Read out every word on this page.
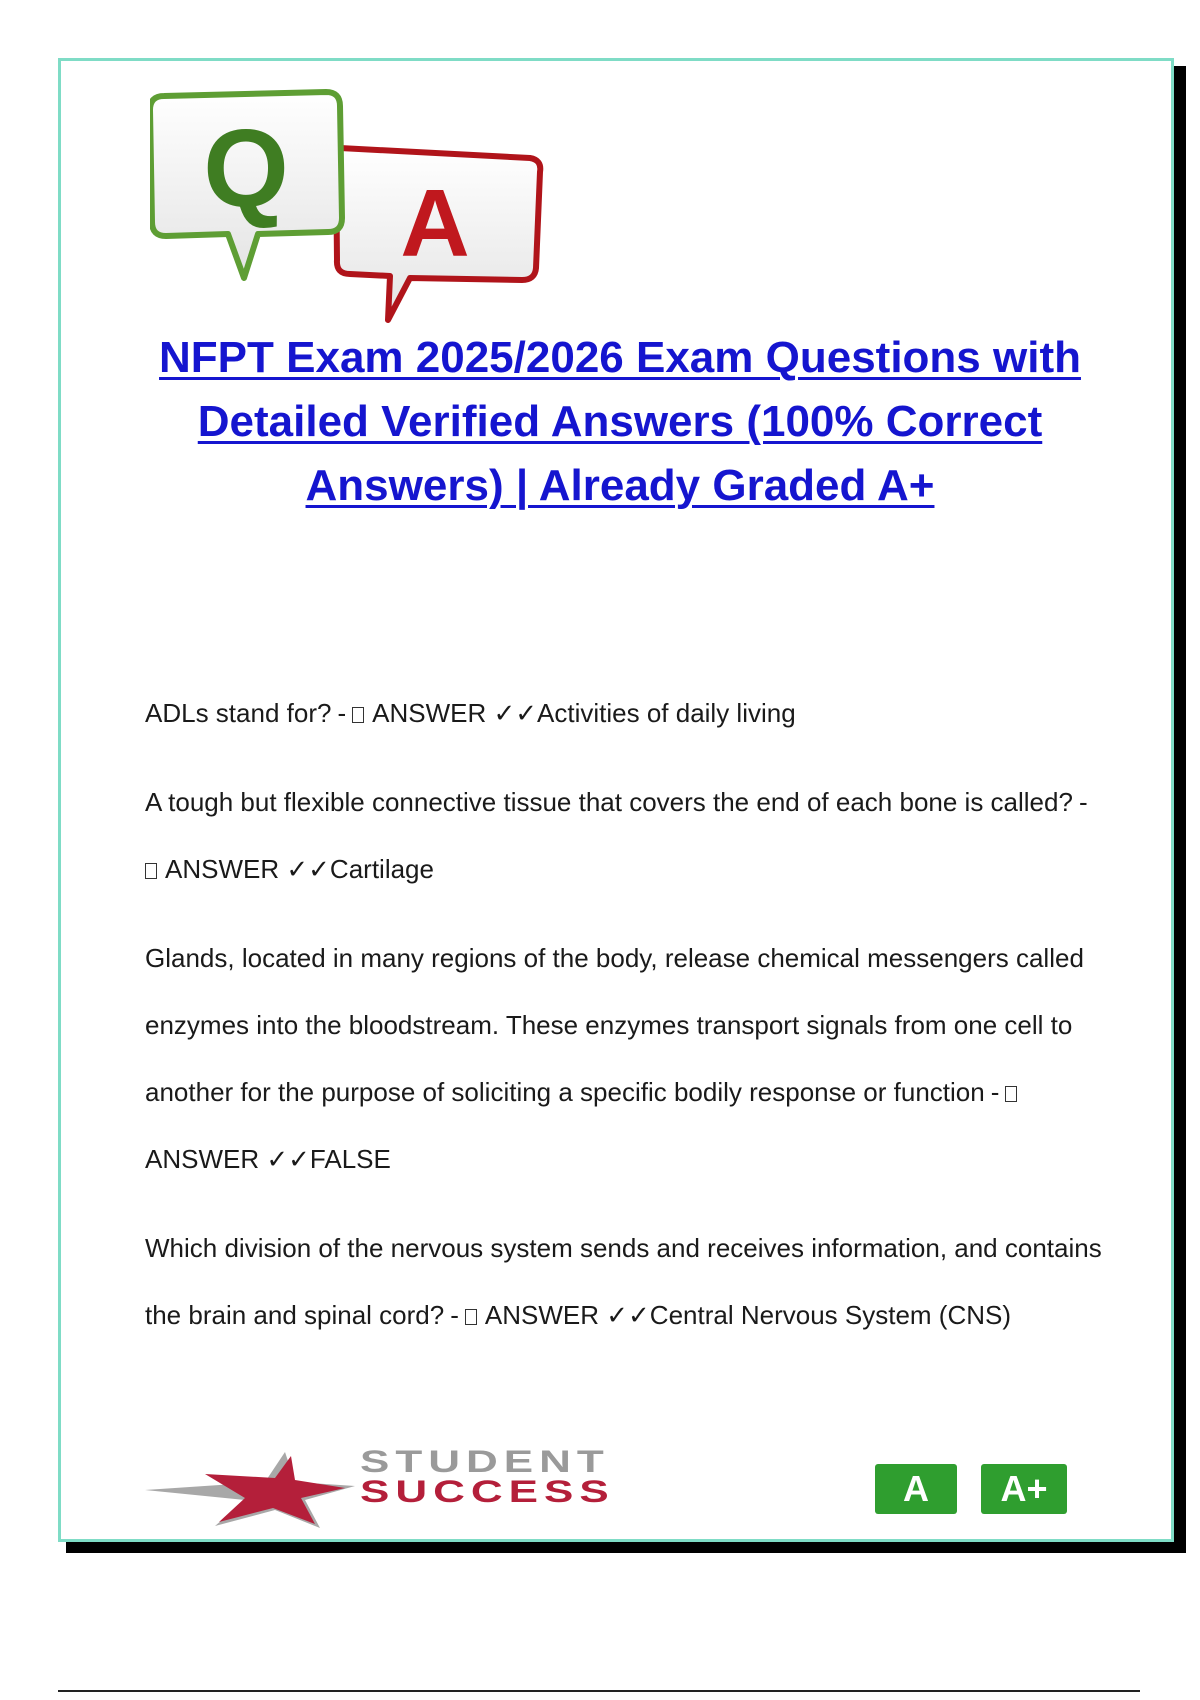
A
Q
NFPT Exam 2025/2026 Exam Questions with Detailed Verified Answers (100% Correct Answers) | Already Graded A+

ADLs stand for? - ANSWER ✓✓Activities of daily living

A tough but flexible connective tissue that covers the end of each bone is called? -ANSWER ✓✓Cartilage

Glands, located in many regions of the body, release chemical messengers called enzymes into the bloodstream. These enzymes transport signals from one cell to another for the purpose of soliciting a specific bodily response or function -ANSWER ✓✓FALSE

Which division of the nervous system sends and receives information, and contains the brain and spinal cord? - ANSWER ✓✓Central Nervous System (CNS)

STUDENT
SUCCESS	A	A+
